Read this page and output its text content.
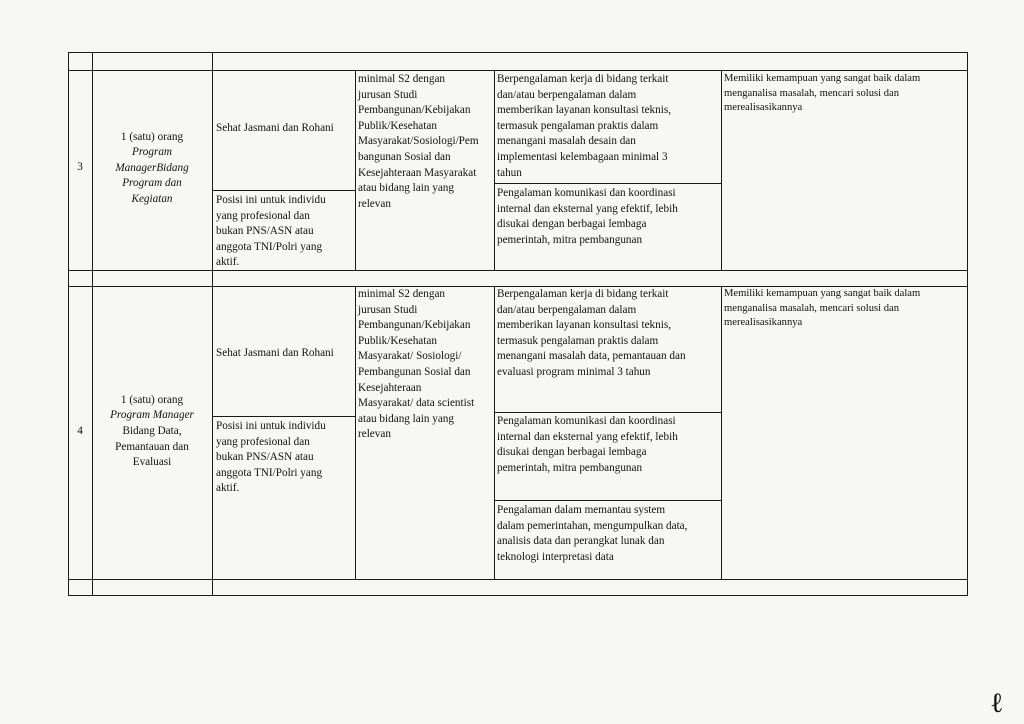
3
1 (satu) orang
Program
ManagerBidang
Program dan
Kegiatan
Sehat Jasmani dan Rohani
Posisi ini untuk individu
yang profesional dan
bukan PNS/ASN atau
anggota TNI/Polri yang
aktif.
minimal S2 dengan
jurusan Studi
Pembangunan/Kebijakan
Publik/Kesehatan
Masyarakat/Sosiologi/Pem
bangunan Sosial dan
Kesejahteraan Masyarakat
atau bidang lain yang
relevan
Berpengalaman kerja di bidang terkait
dan/atau berpengalaman dalam
memberikan layanan konsultasi teknis,
termasuk pengalaman praktis dalam
menangani masalah desain dan
implementasi kelembagaan minimal 3
tahun
Pengalaman komunikasi dan koordinasi
internal dan eksternal yang efektif, lebih
disukai dengan berbagai lembaga
pemerintah, mitra pembangunan
Memiliki kemampuan yang sangat baik dalam
menganalisa masalah, mencari solusi dan
merealisasikannya
4
1 (satu) orang
Program Manager
Bidang Data,
Pemantauan dan
Evaluasi
Sehat Jasmani dan Rohani
Posisi ini untuk individu
yang profesional dan
bukan PNS/ASN atau
anggota TNI/Polri yang
aktif.
minimal S2 dengan
jurusan Studi
Pembangunan/Kebijakan
Publik/Kesehatan
Masyarakat/ Sosiologi/
Pembangunan Sosial dan
Kesejahteraan
Masyarakat/ data scientist
atau bidang lain yang
relevan
Berpengalaman kerja di bidang terkait
dan/atau berpengalaman dalam
memberikan layanan konsultasi teknis,
termasuk pengalaman praktis dalam
menangani masalah data, pemantauan dan
evaluasi program minimal 3 tahun
Pengalaman komunikasi dan koordinasi
internal dan eksternal yang efektif, lebih
disukai dengan berbagai lembaga
pemerintah, mitra pembangunan
Pengalaman dalam memantau system
dalam pemerintahan, mengumpulkan data,
analisis data dan perangkat lunak dan
teknologi interpretasi data
Memiliki kemampuan yang sangat baik dalam
menganalisa masalah, mencari solusi dan
merealisasikannya
ℓ
